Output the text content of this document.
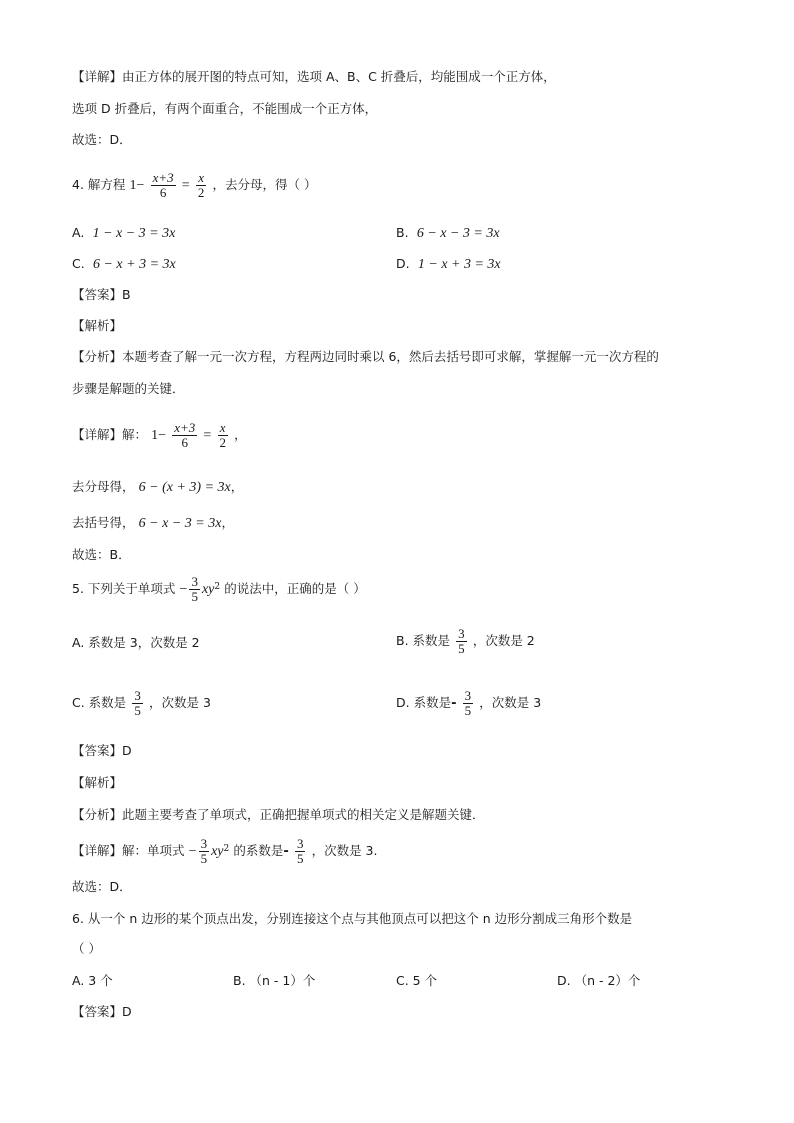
【详解】由正方体的展开图的特点可知，选项 A、B、C 折叠后，均能围成一个正方体，
选项 D 折叠后，有两个面重合，不能围成一个正方体，
故选：D．
4. 解方程 $1- \frac{x+3}{6} = \frac{x}{2}$ ，去分母，得（ ）
A. 1 − x − 3 = 3x	B. 6 − x − 3 = 3x
C. 6 − x + 3 = 3x	D. 1 − x + 3 = 3x
【答案】B
【解析】
【分析】本题考查了解一元一次方程，方程两边同时乘以 6，然后去括号即可求解，掌握解一元一次方程的
步骤是解题的关键．
【详解】解： $1- \frac{x+3}{6} = \frac{x}{2}$ ，
去分母得， 6 − (x + 3) = 3x，
去括号得， 6 − x − 3 = 3x，
故选：B．
5. 下列关于单项式 − $\frac{3}{5} xy^2$ 的说法中，正确的是（ ）
A. 系数是 3，次数是 2	B. 系数是 $\frac{3}{5}$ ，次数是 2
C. 系数是 $\frac{3}{5}$ ，次数是 3	D. 系数是- $\frac{3}{5}$ ，次数是 3
【答案】D
【解析】
【分析】此题主要考查了单项式，正确把握单项式的相关定义是解题关键．
【详解】解：单项式 − $\frac{3}{5} xy^2$ 的系数是- $\frac{3}{5}$ ，次数是 3.
故选：D．
6. 从一个 n 边形的某个顶点出发，分别连接这个点与其他顶点可以把这个 n 边形分割成三角形个数是
（ ）
A. 3 个	B. （n - 1）个	C. 5 个	D. （n - 2）个
【答案】D
